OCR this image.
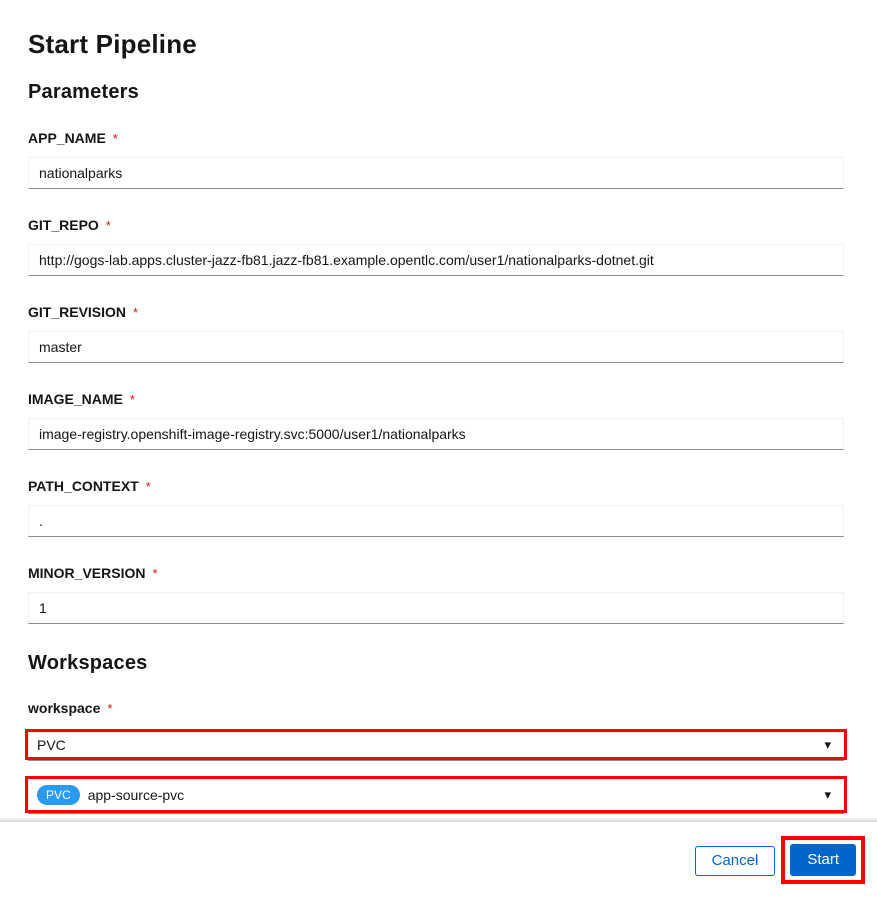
Start Pipeline
Parameters
APP_NAME *
nationalparks
GIT_REPO *
http://gogs-lab.apps.cluster-jazz-fb81.jazz-fb81.example.opentlc.com/user1/nationalparks-dotnet.git
GIT_REVISION *
master
IMAGE_NAME *
image-registry.openshift-image-registry.svc:5000/user1/nationalparks
PATH_CONTEXT *
.
MINOR_VERSION *
1
Workspaces
workspace *
PVC	▾
PVC	app-source-pvc	▾
Cancel	Start
